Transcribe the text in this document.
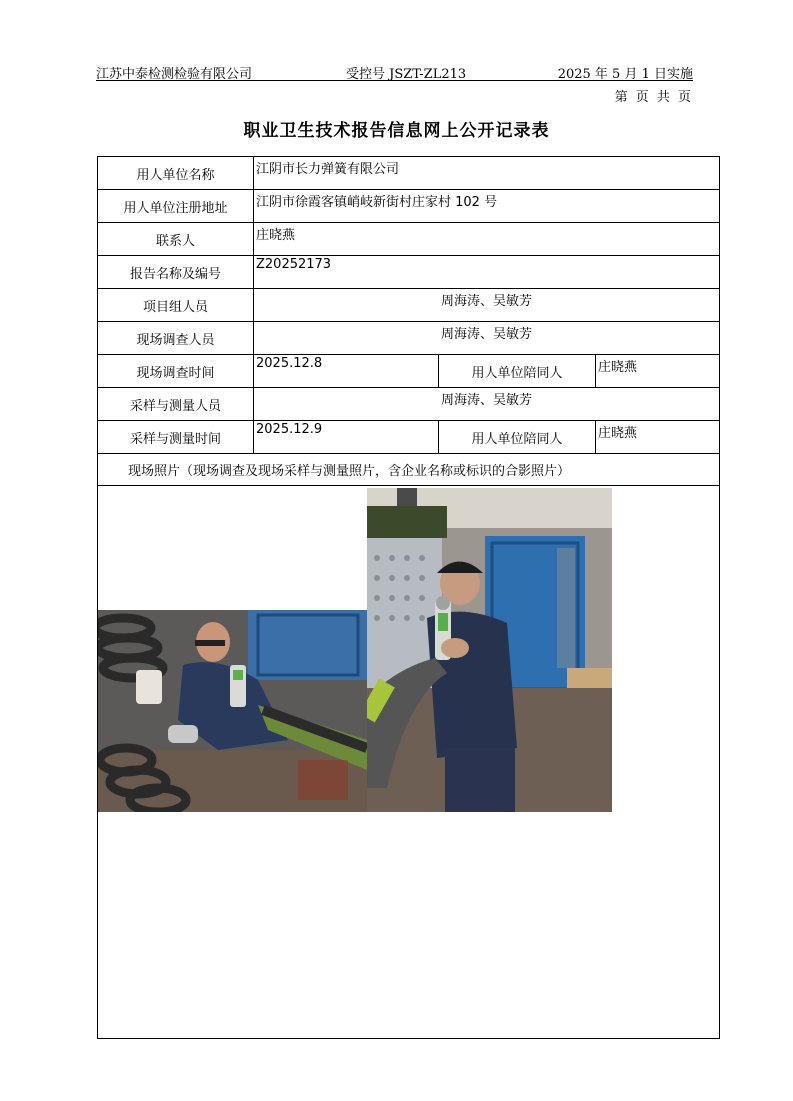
江苏中泰检测检验有限公司	受控号 JSZT-ZL213	2025 年 5 月 1 日实施
第 页 共 页
职业卫生技术报告信息网上公开记录表
用人单位名称	江阴市长力弹簧有限公司		
用人单位注册地址	江阴市徐霞客镇峭岐新街村庄家村 102 号		
联系人	庄晓燕		
报告名称及编号	Z20252173		
项目组人员	周海涛、吴敏芳		
现场调查人员	周海涛、吴敏芳		
现场调查时间	2025.12.8	用人单位陪同人	庄晓燕
采样与测量人员	周海涛、吴敏芳		
采样与测量时间	2025.12.9	用人单位陪同人	庄晓燕
现场照片（现场调查及现场采样与测量照片，含企业名称或标识的合影照片）			
